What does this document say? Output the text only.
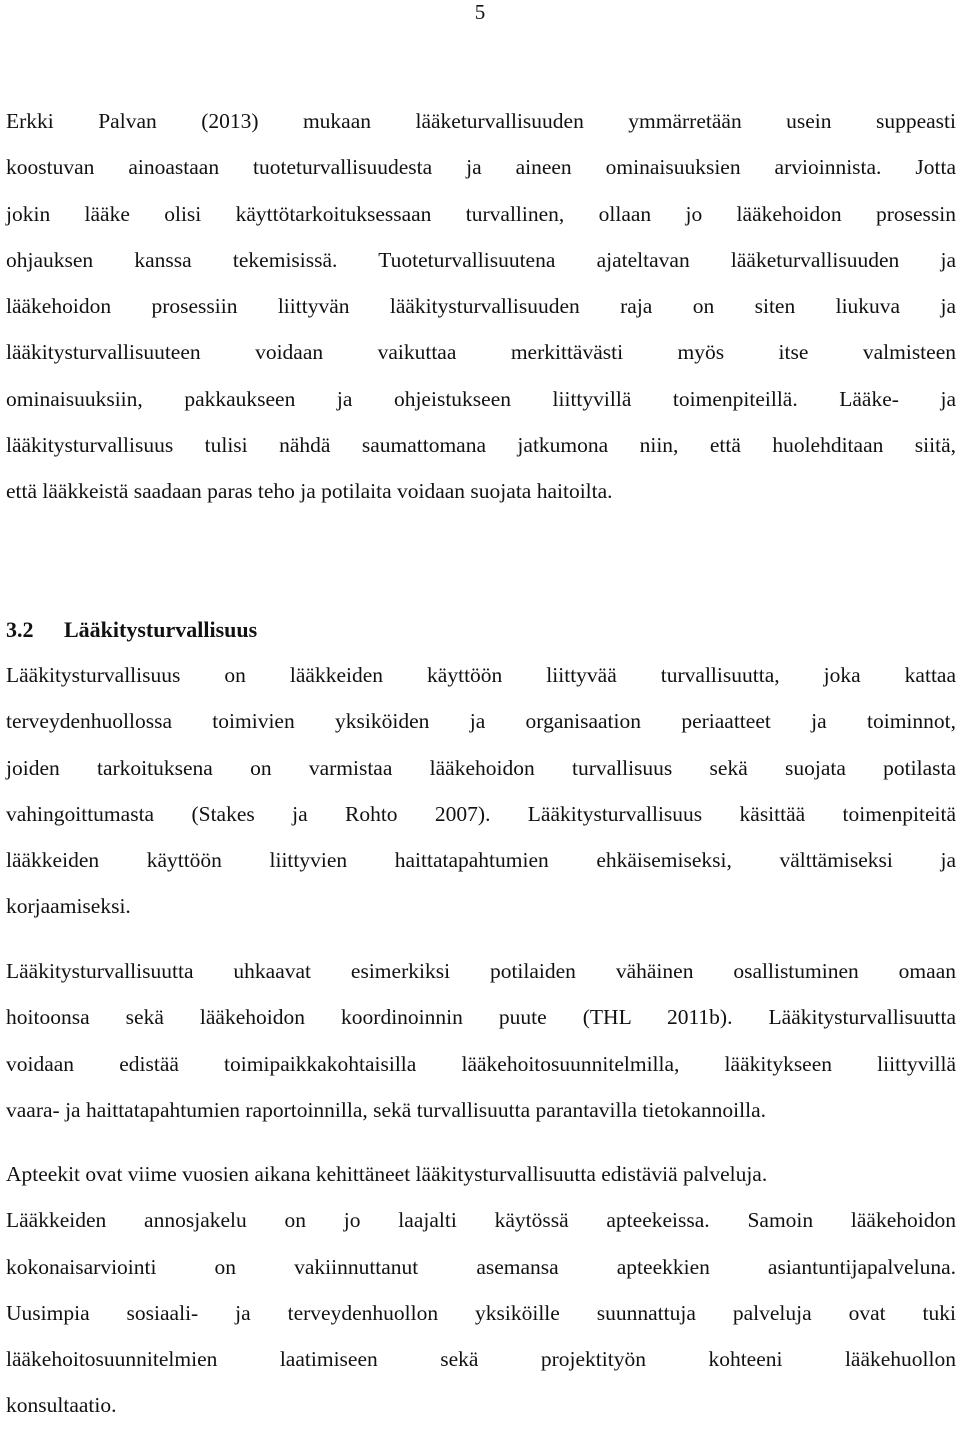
5
Erkki Palvan (2013) mukaan lääketurvallisuuden ymmärretään usein suppeasti
koostuvan ainoastaan tuoteturvallisuudesta ja aineen ominaisuuksien arvioinnista. Jotta
jokin lääke olisi käyttötarkoituksessaan turvallinen, ollaan jo lääkehoidon prosessin
ohjauksen kanssa tekemisissä. Tuoteturvallisuutena ajateltavan lääketurvallisuuden ja
lääkehoidon prosessiin liittyvän lääkitysturvallisuuden raja on siten liukuva ja
lääkitysturvallisuuteen voidaan vaikuttaa merkittävästi myös itse valmisteen
ominaisuuksiin, pakkaukseen ja ohjeistukseen liittyvillä toimenpiteillä. Lääke- ja
lääkitysturvallisuus tulisi nähdä saumattomana jatkumona niin, että huolehditaan siitä,
että lääkkeistä saadaan paras teho ja potilaita voidaan suojata haitoilta.
3.2 Lääkitysturvallisuus
Lääkitysturvallisuus on lääkkeiden käyttöön liittyvää turvallisuutta, joka kattaa
terveydenhuollossa toimivien yksiköiden ja organisaation periaatteet ja toiminnot,
joiden tarkoituksena on varmistaa lääkehoidon turvallisuus sekä suojata potilasta
vahingoittumasta (Stakes ja Rohto 2007). Lääkitysturvallisuus käsittää toimenpiteitä
lääkkeiden käyttöön liittyvien haittatapahtumien ehkäisemiseksi, välttämiseksi ja
korjaamiseksi.
Lääkitysturvallisuutta uhkaavat esimerkiksi potilaiden vähäinen osallistuminen omaan
hoitoonsa sekä lääkehoidon koordinoinnin puute (THL 2011b). Lääkitysturvallisuutta
voidaan edistää toimipaikkakohtaisilla lääkehoitosuunnitelmilla, lääkitykseen liittyvillä
vaara- ja haittatapahtumien raportoinnilla, sekä turvallisuutta parantavilla tietokannoilla.
Apteekit ovat viime vuosien aikana kehittäneet lääkitysturvallisuutta edistäviä palveluja.
Lääkkeiden annosjakelu on jo laajalti käytössä apteekeissa. Samoin lääkehoidon
kokonaisarviointi on vakiinnuttanut asemansa apteekkien asiantuntijapalveluna.
Uusimpia sosiaali- ja terveydenhuollon yksiköille suunnattuja palveluja ovat tuki
lääkehoitosuunnitelmien laatimiseen sekä projektityön kohteeni lääkehuollon
konsultaatio.
